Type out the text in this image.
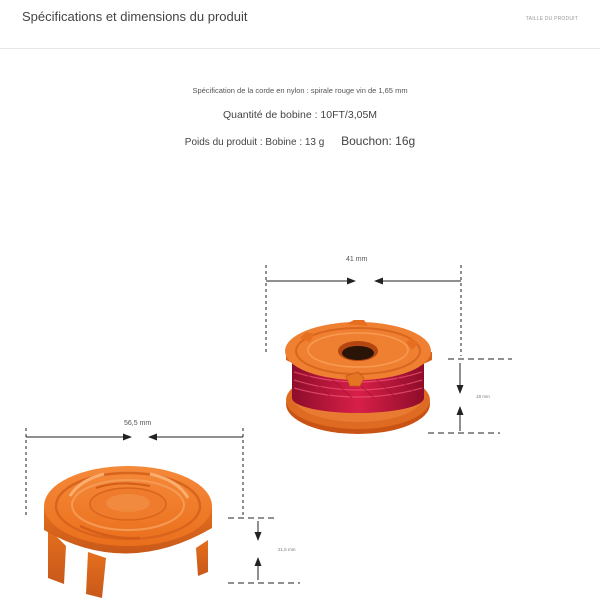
Spécifications et dimensions du produit	TAILLE DU PRODUIT
Spécification de la corde en nylon : spirale rouge vin de 1,65 mm
Quantité de bobine : 10FT/3,05M
Poids du produit : Bobine : 13 g Bouchon: 16g
41 mm
18 mm
56,5 mm
21,5 mm
